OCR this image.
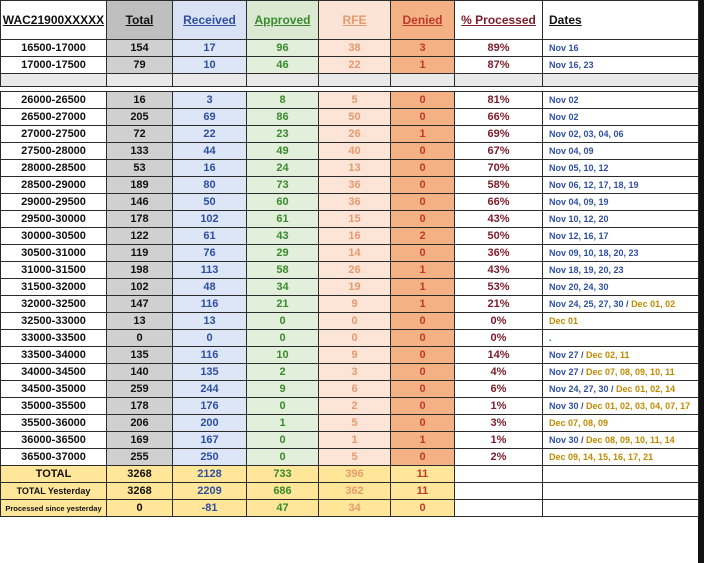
WAC21900XXXXX	Total	Received	Approved	RFE	Denied	% Processed	Dates
16500-17000	154	17	96	38	3	89%	Nov 16
17000-17500	79	10	46	22	1	87%	Nov 16, 23

26000-26500	16	3	8	5	0	81%	Nov 02
26500-27000	205	69	86	50	0	66%	Nov 02
27000-27500	72	22	23	26	1	69%	Nov 02, 03, 04, 06
27500-28000	133	44	49	40	0	67%	Nov 04, 09
28000-28500	53	16	24	13	0	70%	Nov 05, 10, 12
28500-29000	189	80	73	36	0	58%	Nov 06, 12, 17, 18, 19
29000-29500	146	50	60	36	0	66%	Nov 04, 09, 19
29500-30000	178	102	61	15	0	43%	Nov 10, 12, 20
30000-30500	122	61	43	16	2	50%	Nov 12, 16, 17
30500-31000	119	76	29	14	0	36%	Nov 09, 10, 18, 20, 23
31000-31500	198	113	58	26	1	43%	Nov 18, 19, 20, 23
31500-32000	102	48	34	19	1	53%	Nov 20, 24, 30
32000-32500	147	116	21	9	1	21%	Nov 24, 25, 27, 30 / Dec 01, 02
32500-33000	13	13	0	0	0	0%	Dec 01
33000-33500	0	0	0	0	0	0%	.
33500-34000	135	116	10	9	0	14%	Nov 27 / Dec 02, 11
34000-34500	140	135	2	3	0	4%	Nov 27 / Dec 07, 08, 09, 10, 11
34500-35000	259	244	9	6	0	6%	Nov 24, 27, 30 / Dec 01, 02, 14
35000-35500	178	176	0	2	0	1%	Nov 30 / Dec 01, 02, 03, 04, 07, 17
35500-36000	206	200	1	5	0	3%	Dec 07, 08, 09
36000-36500	169	167	0	1	1	1%	Nov 30 / Dec 08, 09, 10, 11, 14
36500-37000	255	250	0	5	0	2%	Dec 09, 14, 15, 16, 17, 21
TOTAL	3268	2128	733	396	11		
TOTAL Yesterday	3268	2209	686	362	11		
Processed since yesterday	0	-81	47	34	0		
